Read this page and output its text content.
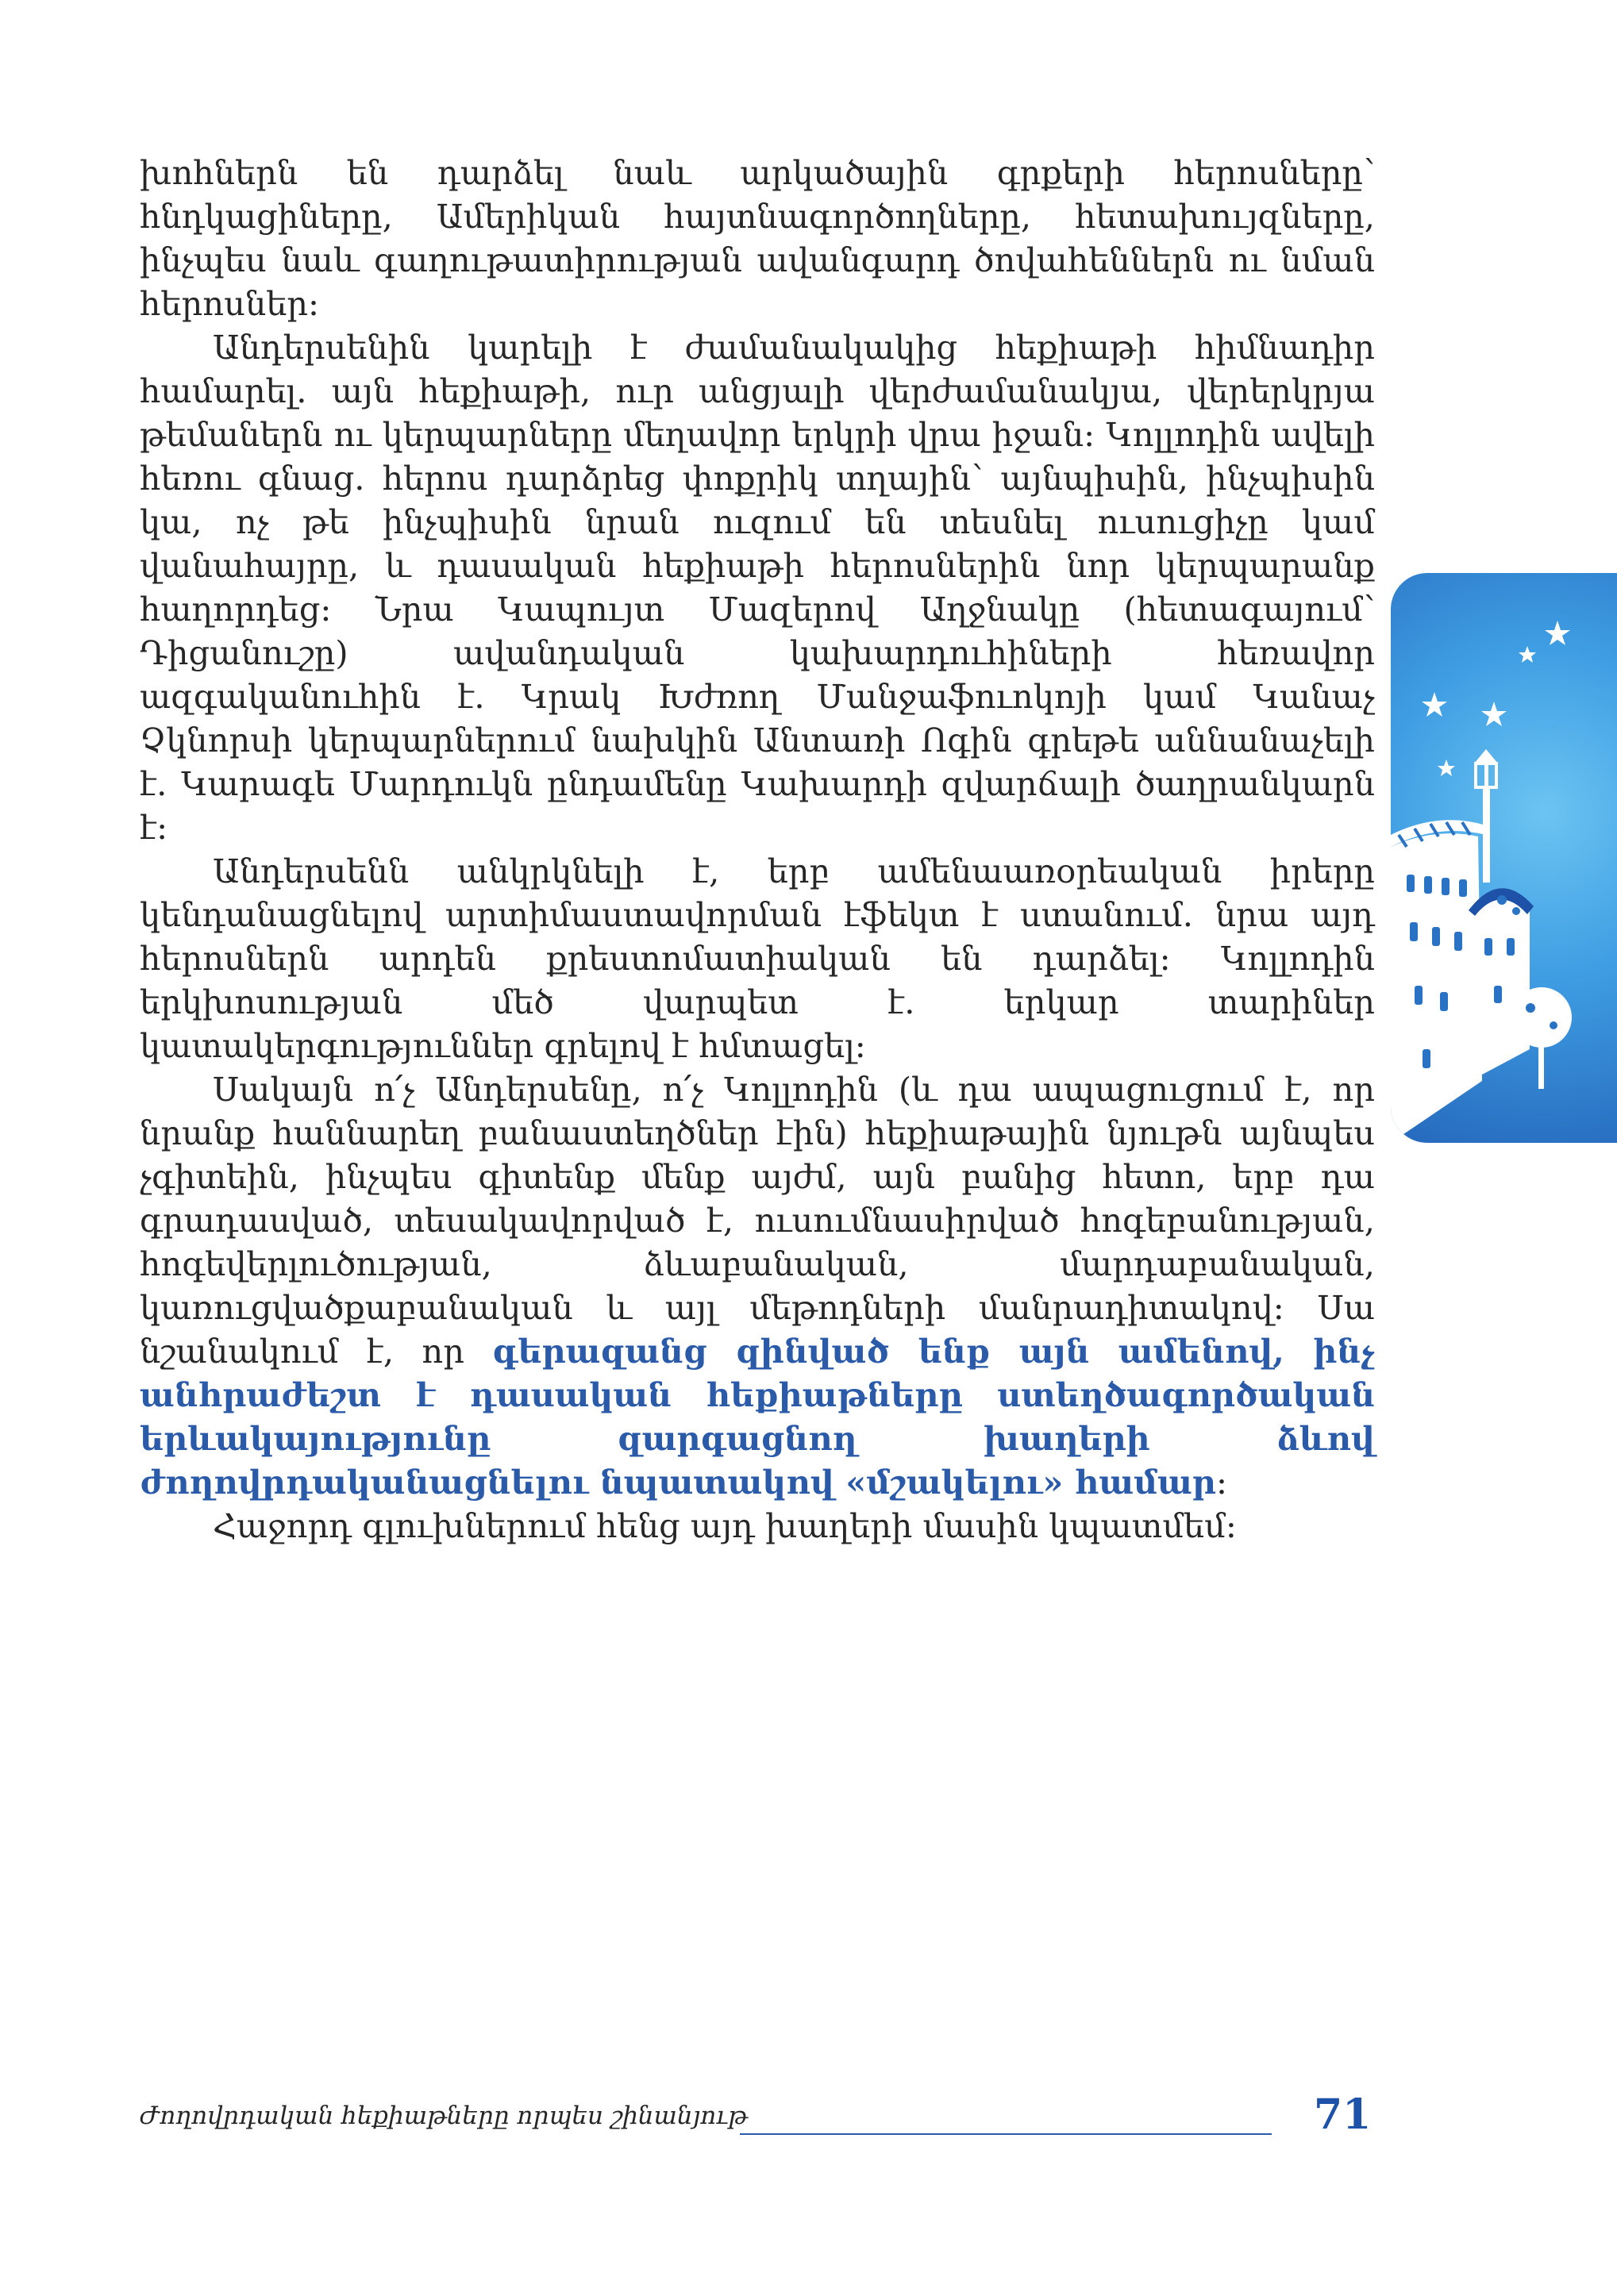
խոհներն են դարձել նաև արկածային գրքերի հերոսները՝ հնդկացիները, Ամերիկան հայտնագործողները, հետախույզները, ինչպես նաև գաղութատիրության ավանգարդ ծովահեններն ու նման հերոսներ։

Անդերսենին կարելի է ժամանակակից հեքիաթի հիմնադիր համարել. այն հեքիաթի, ուր անցյալի վերժամանակյա, վերերկրյա թեմաներն ու կերպարները մեղավոր երկրի վրա իջան։ Կոլլոդին ավելի հեռու գնաց. հերոս դարձրեց փոքրիկ տղային՝ այնպիսին, ինչպիսին կա, ոչ թե ինչպիսին նրան ուզում են տեսնել ուսուցիչը կամ վանահայրը, և դասական հեքիաթի հերոսներին նոր կերպարանք հաղորդեց։ Նրա Կապույտ Մազերով Աղջնակը (հետագայում՝ Դիցանուշը) ավանդական կախարդուհիների հեռավոր ազգականուհին է. Կրակ Խժռող Մանջաֆուոկոյի կամ Կանաչ Չկնորսի կերպարներում նախկին Անտառի Ոգին գրեթե աննանաչելի է. Կարագե Մարդուկն ընդամենը Կախարդի զվարճալի ծաղրանկարն է։

Անդերսենն անկրկնելի է, երբ ամենաառօրեական իրերը կենդանացնելով արտիմաստավորման էֆեկտ է ստանում. նրա այդ հերոսներն արդեն քրեստոմատիական են դարձել։ Կոլլոդին երկխոսության մեծ վարպետ է. երկար տարիներ կատակերգություններ գրելով է հմտացել։

Սակայն ո՛չ Անդերսենը, ո՛չ Կոլլոդին (և դա ապացուցում է, որ նրանք հաննարեղ բանաստեղծներ էին) հեքիաթային նյութն այնպես չգիտեին, ինչպես գիտենք մենք այժմ, այն բանից հետո, երբ դա գրադասված, տեսակավորված է, ուսումնասիրված հոգեբանության, հոգեվերլուծության, ձևաբանական, մարդաբանական, կառուցվածքաբանական և այլ մեթոդների մանրադիտակով։ Սա նշանակում է, որ գերազանց զինված ենք այն ամենով, ինչ անհրաժեշտ է դասական հեքիաթները ստեղծագործական երևակայությունը զարգացնող խաղերի ձևով ժողովրդականացնելու նպատակով «մշակելու» համար։

Հաջորդ գլուխներում հենց այդ խաղերի մասին կպատմեմ։

Ժողովրդական հեքիաթները որպես շինանյութ	71
